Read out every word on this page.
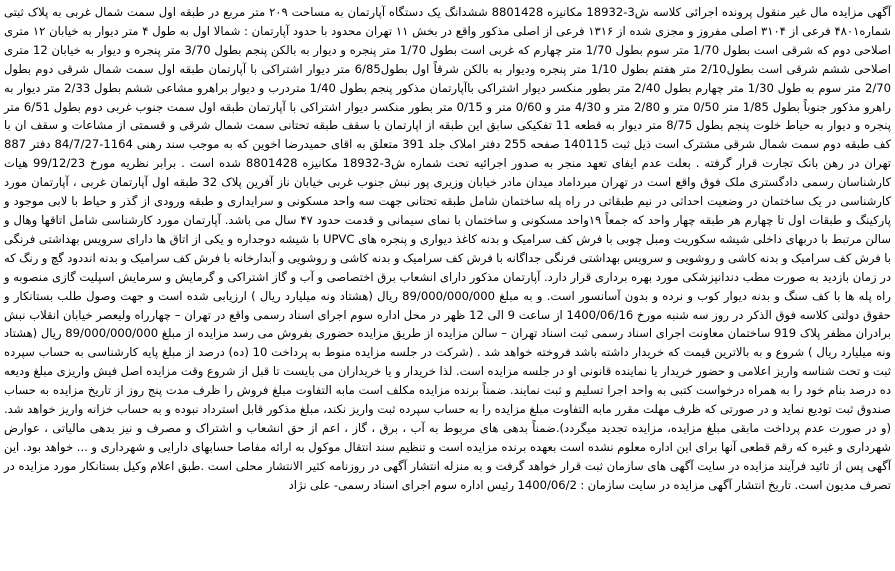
آگهی مزایده مال غیر منقول پرونده اجرائی کلاسه ش3-18932 مکانیزه 8801428 ششدانگ یک دستگاه آپارتمان به مساحت ۲۰۹ متر مربع در طبقه اول سمت شمال غربی به پلاک ثبتی شماره۴۸۰۱ فرعی از ۳۱۰۴ اصلی مفروز و مجزی شده از ۱۳۱۶ فرعی از اصلی مذکور واقع در بخش ۱۱ تهران محدود با حدود آپارتمان : شمالا اول به طول ۴ متر دیوار به خیابان ۱۲ متری اصلاحی دوم که شرقی است بطول 1/70 متر سوم بطول 1/70 متر چهارم که غربی است بطول 1/70 متر پنجره و دیوار به بالکن پنجم بطول 3/70 متر پنجره و دیوار به خیابان 12 متری اصلاحی ششم شرقی است بطول2/10 متر هفتم بطول 1/10 متر پنجره ودیوار به بالکن شرقاً اول بطول6/85 متر دیوار اشتراکی با آپارتمان طبقه اول سمت شمال شرقی دوم بطول 2/70 متر سوم به طول 1/30 متر چهارم بطول 2/40 متر بطور منکسر دیوار اشتراکی باآپارتمان مذکور پنجم بطول 1/40 متردرب و دیوار براهرو مشاعی ششم بطول 2/33 متر دیوار به راهرو مذکور جنوباً بطول 1/85 متر 0/50 متر و 2/80 متر و 4/30 متر و 0/60 متر و 0/15 متر بطور منکسر دیوار اشتراکی با آپارتمان طبقه اول سمت جنوب غربی دوم بطول 6/51 متر پنجره و دیوار به حیاط خلوت پنجم بطول 8/75 متر دیوار به قطعه 11 تفکیکی سابق این طبقه از اپارتمان با سقف طبقه تحتانی سمت شمال شرقی و قسمتی از مشاعات و سقف ان با کف طبقه دوم سمت شمال شرقی مشترک است ذیل ثبت 140115 صفحه 255 دفتر املاک جلد 391 متعلق به اقای حمیدرضا اخوین که به موجب سند رهنی 1164-84/7/27 دفتر 887 تهران در رهن بانک تجارت قرار گرفته . بعلت عدم ایفای تعهد منجر به صدور اجرائیه تحت شماره ش3-18932 مکانیزه 8801428 شده است . برابر نظریه مورخ 99/12/23 هیات کارشناسان رسمی دادگستری ملک فوق واقع است در تهران میرداماد میدان مادر خیابان وزیری پور نبش جنوب غربی خیابان ناز آفرین پلاک 32 طبقه اول آپارتمان غربی ، آپارتمان مورد کارشناسی در یک ساختمان در وضعیت احداثی در نیم طبقاتی در راه پله ساختمان شامل طبقه تحتانی جهت سه واحد مسکونی و سرایداری و طبقه ورودی از گذر و حیاط با لابی موجود و پارکینگ و طبقات اول تا چهارم هر طبقه چهار واحد که جمعاً ۱۹واحد مسکونی و ساختمان با نمای سیمانی و قدمت حدود ۴۷ سال می باشد. آپارتمان مورد کارشناسی شامل اتاقها وهال و سالن مرتبط با دربهای داخلی شیشه سکوریت ومبل چوبی با فرش کف سرامیک و بدنه کاغذ دیواری و پنجره های UPVC با شیشه دوجداره و یکی از اتاق ها دارای سرویس بهداشتی فرنگی با فرش کف سرامیک و بدنه کاشی و روشویی و سرویس بهداشتی فرنگی جداگانه با فرش کف سرامیک و بدنه کاشی و روشویی و آبدارخانه با فرش کف سرامیک و بدنه انددود گچ و رنگ که در زمان بازدید به صورت مطب دندانپزشکی مورد بهره برداری قرار دارد. آپارتمان مذکور دارای انشعاب برق اختصاصی و آب و گاز اشتراکی و گرمایش و سرمایش اسپلیت گازی منصوبه و راه پله ها با کف سنگ و بدنه دیوار کوب و نرده و بدون آسانسور است. و به مبلغ 89/000/000/000 ریال (هشتاد ونه میلیارد ریال ) ارزیابی شده است و جهت وصول طلب بستانکار و حقوق دولتی کلاسه فوق الذکر در روز سه شنبه مورخ 1400/06/16 از ساعت 9 الی 12 ظهر در محل اداره سوم اجرای اسناد رسمی واقع در تهران – چهارراه ولیعصر خیابان انقلاب نبش برادران مظفر پلاک 919 ساختمان معاونت اجرای اسناد رسمی ثبت اسناد تهران – سالن مزایده از طریق مزایده حضوری بفروش می رسد مزایده از مبلغ 89/000/000/000 ریال (هشتاد ونه میلیارد ریال ) شروع و به بالاترین قیمت که خریدار داشته باشد فروخته خواهد شد . (شرکت در جلسه مزایده منوط به پرداخت 10 (ده) درصد از مبلغ پایه کارشناسی به حساب سپرده ثبت و تحت شناسه واریز اعلامی و حضور خریدار یا نماینده قانونی او در جلسه مزایده است. لذا خریدار و یا خریداران می بایست تا قبل از شروع وقت مزایده اصل فیش واریزی مبلغ ودیعه ده درصد بنام خود را به همراه درخواست کتبی به واحد اجرا تسلیم و ثبت نمایند. ضمناً برنده مزایده مکلف است مابه التفاوت مبلغ فروش را ظرف مدت پنج روز از تاریخ مزایده به حساب صندوق ثبت تودیع نماید و در صورتی که ظرف مهلت مقرر مابه التفاوت مبلغ مزایده را به حساب سپرده ثبت واریز نکند، مبلغ مذکور قابل استرداد نبوده و به حساب خزانه واریز خواهد شد. (و در صورت عدم پرداخت مابقی مبلغ مزایده، مزایده تجدید میگردد).ضمناً بدهی های مربوط به آب ، برق ، گاز ، اعم از حق انشعاب و اشتراک و مصرف و نیز بدهی مالیاتی ، عوارض شهرداری و غیره که رقم قطعی آنها برای این اداره معلوم نشده است بعهده برنده مزایده است و تنظیم سند انتقال موکول به ارائه مفاصا حسابهای دارایی و شهرداری و ... خواهد بود. این آگهی پس از تائید فرآیند مزایده در سایت آگهی های سازمان ثبت قرار خواهد گرفت و به منزله انتشار آگهی در روزنامه کثیر الانتشار محلی است .طبق اعلام وکیل بستانکار مورد مزایده در تصرف مدیون است. تاریخ انتشار آگهی مزایده در سایت سازمان : 1400/06/2 رئیس اداره سوم اجرای اسناد رسمی- علی نژاد
